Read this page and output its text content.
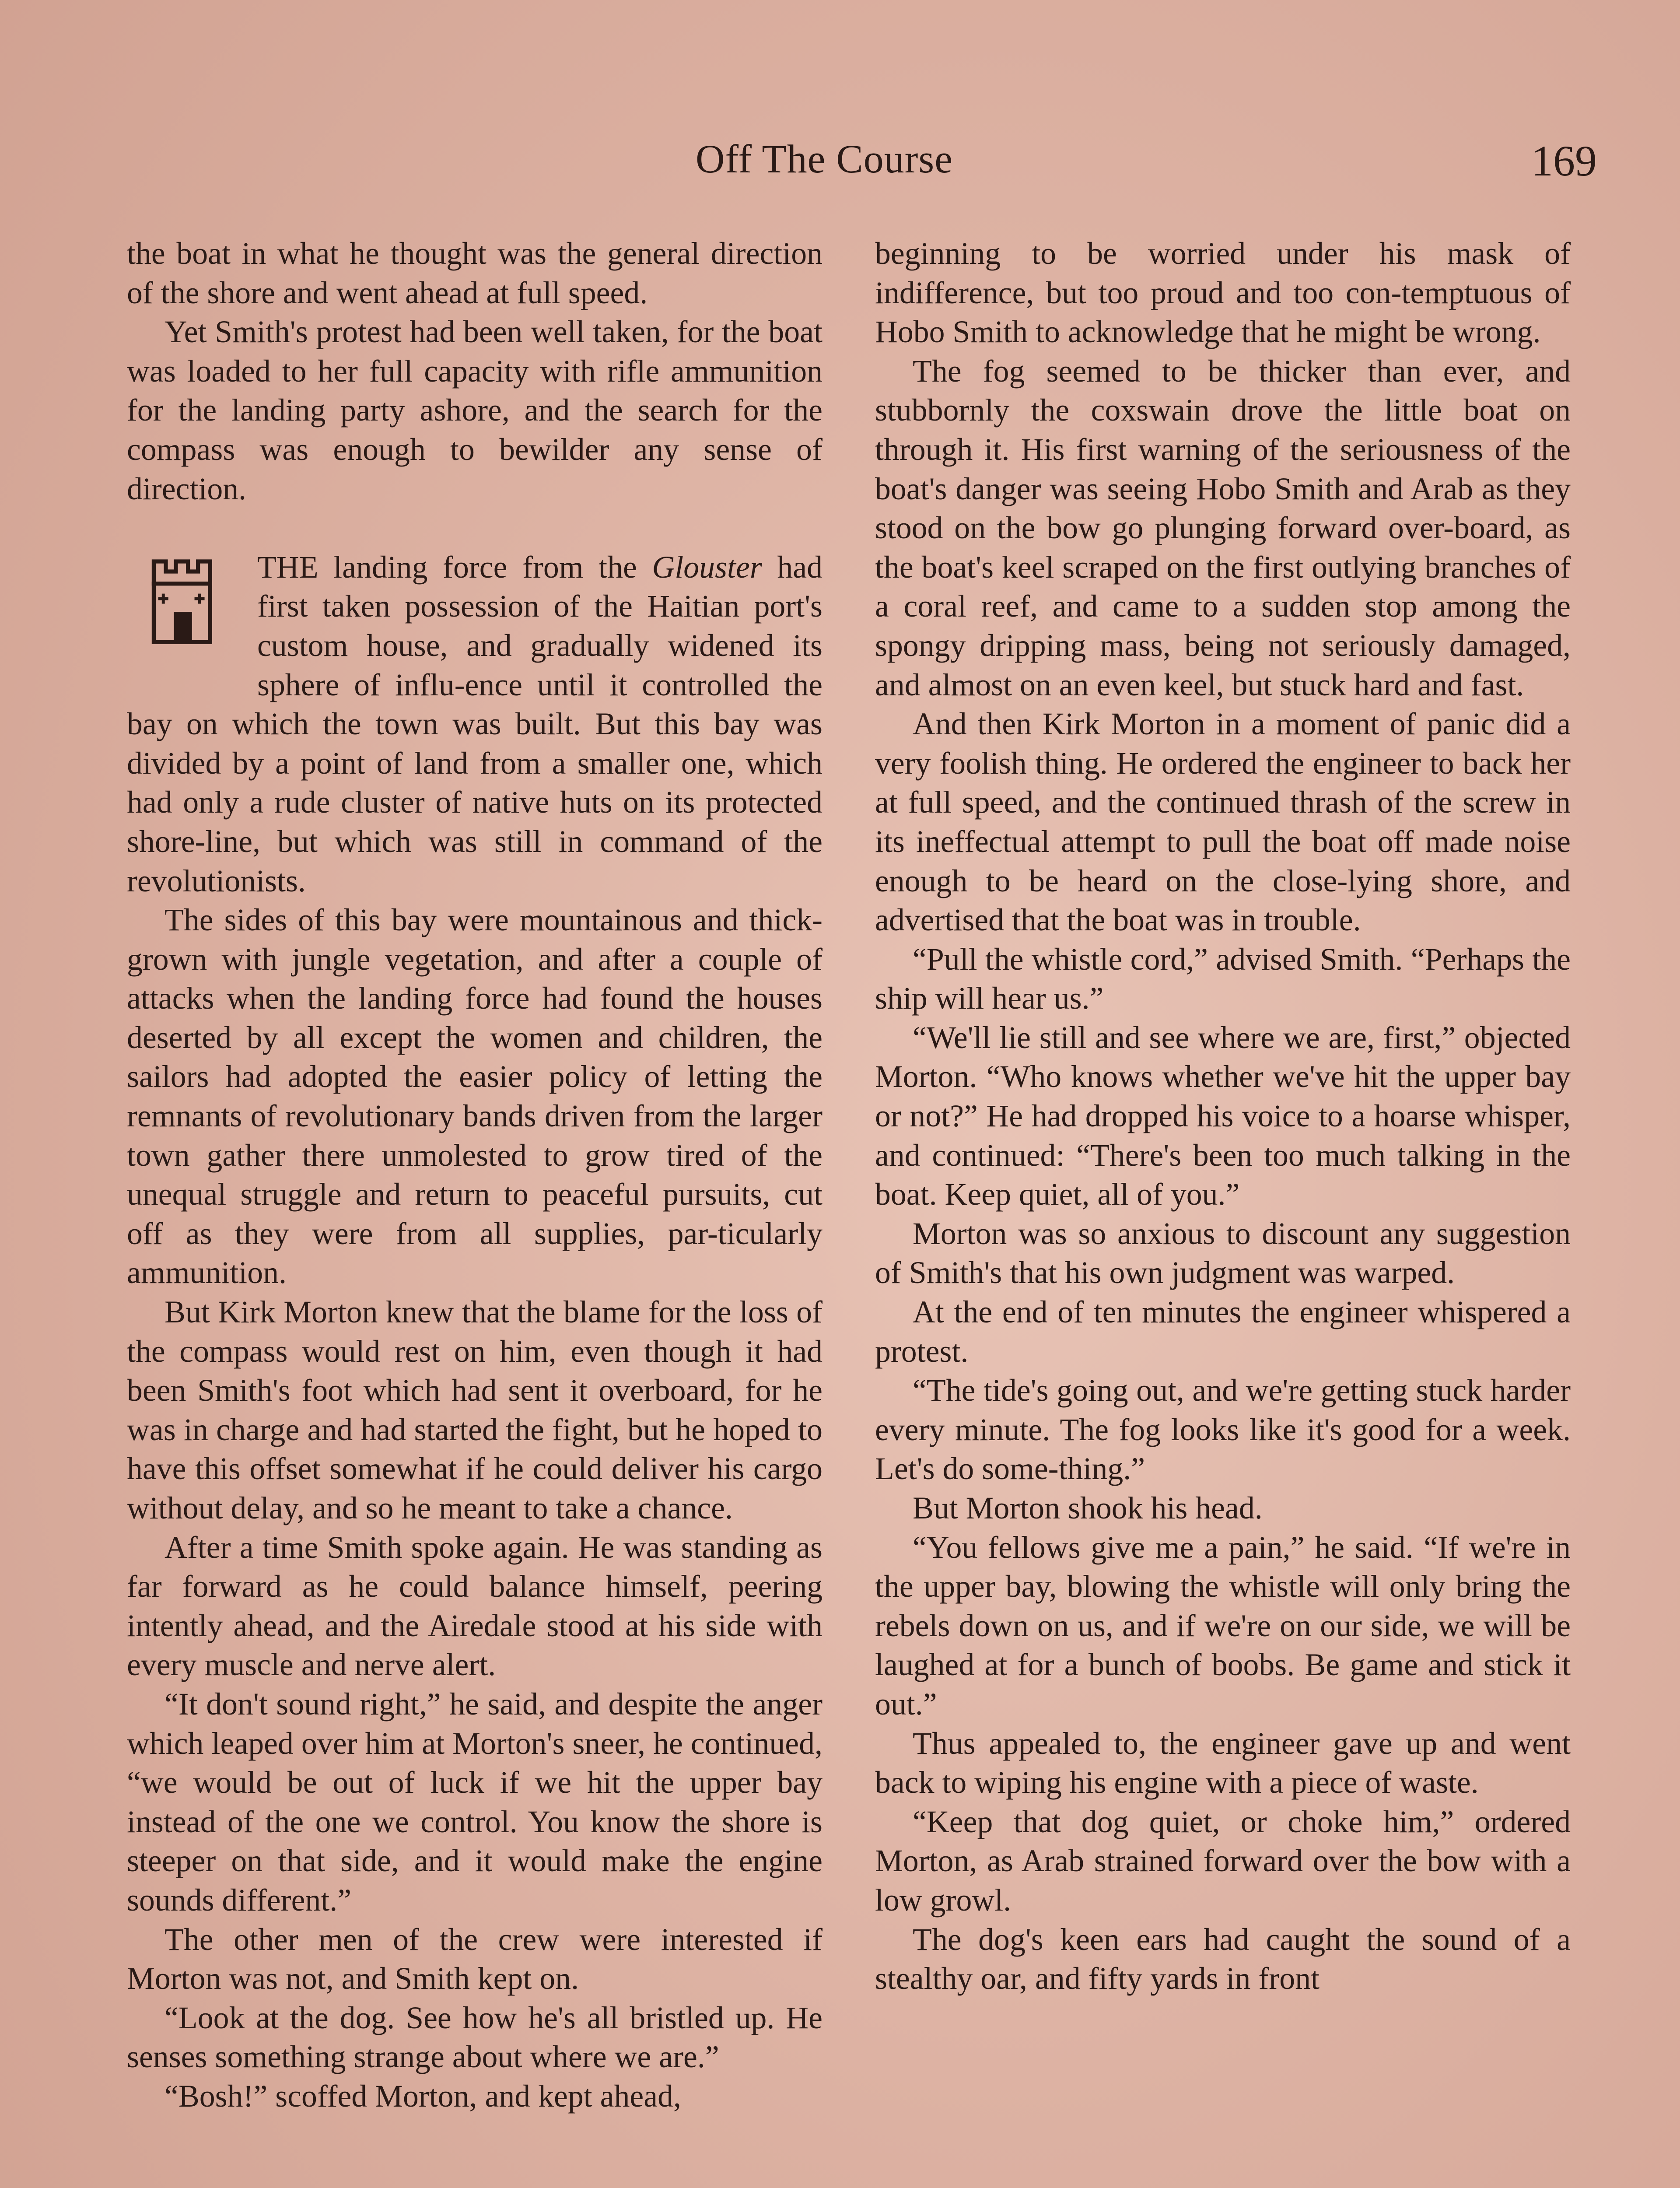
Off The Course	169

the boat in what he thought was the general direction of the shore and went ahead at full speed.

Yet Smith's protest had been well taken, for the boat was loaded to her full capacity with rifle ammunition for the landing party ashore, and the search for the compass was enough to bewilder any sense of direction.

THE landing force from the Glouster had first taken possession of the Haitian port's custom house, and gradually widened its sphere of influ-ence until it controlled the bay on which the town was built. But this bay was divided by a point of land from a smaller one, which had only a rude cluster of native huts on its protected shore-line, but which was still in command of the revolutionists.

The sides of this bay were mountainous and thick-grown with jungle vegetation, and after a couple of attacks when the landing force had found the houses deserted by all except the women and children, the sailors had adopted the easier policy of letting the remnants of revolutionary bands driven from the larger town gather there unmolested to grow tired of the unequal struggle and return to peaceful pursuits, cut off as they were from all supplies, par-ticularly ammunition.

But Kirk Morton knew that the blame for the loss of the compass would rest on him, even though it had been Smith's foot which had sent it overboard, for he was in charge and had started the fight, but he hoped to have this offset somewhat if he could deliver his cargo without delay, and so he meant to take a chance.

After a time Smith spoke again. He was standing as far forward as he could balance himself, peering intently ahead, and the Airedale stood at his side with every muscle and nerve alert.

“It don't sound right,” he said, and despite the anger which leaped over him at Morton's sneer, he continued, “we would be out of luck if we hit the upper bay instead of the one we control. You know the shore is steeper on that side, and it would make the engine sounds different.”

The other men of the crew were interested if Morton was not, and Smith kept on.

“Look at the dog. See how he's all bristled up. He senses something strange about where we are.”

“Bosh!” scoffed Morton, and kept ahead,

beginning to be worried under his mask of indifference, but too proud and too con-temptuous of Hobo Smith to acknowledge that he might be wrong.

The fog seemed to be thicker than ever, and stubbornly the coxswain drove the little boat on through it. His first warning of the seriousness of the boat's danger was seeing Hobo Smith and Arab as they stood on the bow go plunging forward over-board, as the boat's keel scraped on the first outlying branches of a coral reef, and came to a sudden stop among the spongy dripping mass, being not seriously damaged, and almost on an even keel, but stuck hard and fast.

And then Kirk Morton in a moment of panic did a very foolish thing. He ordered the engineer to back her at full speed, and the continued thrash of the screw in its ineffectual attempt to pull the boat off made noise enough to be heard on the close-lying shore, and advertised that the boat was in trouble.

“Pull the whistle cord,” advised Smith. “Perhaps the ship will hear us.”

“We'll lie still and see where we are, first,” objected Morton. “Who knows whether we've hit the upper bay or not?” He had dropped his voice to a hoarse whisper, and continued: “There's been too much talking in the boat. Keep quiet, all of you.”

Morton was so anxious to discount any suggestion of Smith's that his own judgment was warped.

At the end of ten minutes the engineer whispered a protest.

“The tide's going out, and we're getting stuck harder every minute. The fog looks like it's good for a week. Let's do some-thing.”

But Morton shook his head.

“You fellows give me a pain,” he said. “If we're in the upper bay, blowing the whistle will only bring the rebels down on us, and if we're on our side, we will be laughed at for a bunch of boobs. Be game and stick it out.”

Thus appealed to, the engineer gave up and went back to wiping his engine with a piece of waste.

“Keep that dog quiet, or choke him,” ordered Morton, as Arab strained forward over the bow with a low growl.

The dog's keen ears had caught the sound of a stealthy oar, and fifty yards in front
